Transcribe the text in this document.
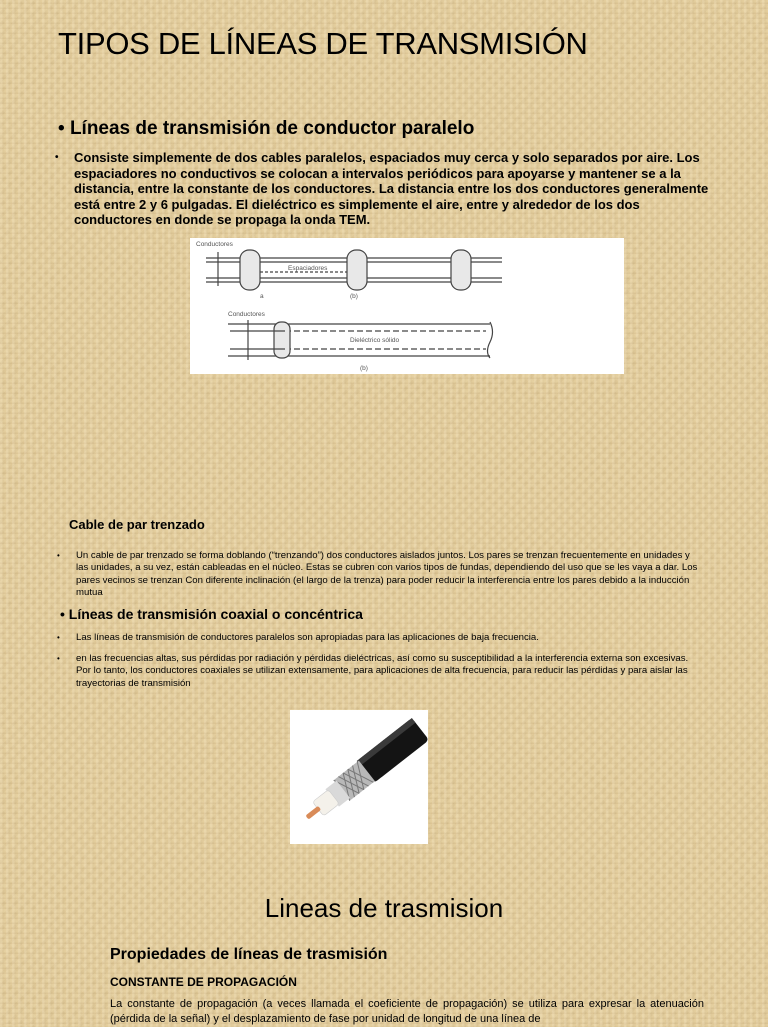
TIPOS DE LÍNEAS DE TRANSMISIÓN
• Líneas de transmisión de conductor paralelo
•	Consiste simplemente de dos cables paralelos, espaciados muy cerca y solo separados por aire. Los espaciadores no conductivos se colocan a intervalos periódicos para apoyarse y mantener se a la distancia, entre la constante de los conductores. La distancia entre los dos conductores generalmente está entre 2 y 6 pulgadas. El dieléctrico es simplemente el aire, entre y alrededor de los dos conductores en donde se propaga la onda TEM.
Conductores
Espaciadores
a	(b)
Conductores
Dieléctrico sólido
(b)
Cable de par trenzado
•	Un cable de par trenzado se forma doblando (“trenzando”) dos conductores aislados juntos. Los pares se trenzan frecuentemente en unidades y las unidades, a su vez, están cableadas en el núcleo. Estas se cubren con varios tipos de fundas, dependiendo del uso que se les vaya a dar. Los pares vecinos se trenzan Con diferente inclinación (el largo de la trenza) para poder reducir la interferencia entre los pares debido a la inducción mutua
• Líneas de transmisión coaxial o concéntrica
•	Las líneas de transmisión de conductores paralelos son apropiadas para las aplicaciones de baja frecuencia.
•	en las frecuencias altas, sus pérdidas por radiación y pérdidas dieléctricas, así como su susceptibilidad a la interferencia externa son excesivas. Por lo tanto, los conductores coaxiales se utilizan extensamente, para aplicaciones de alta frecuencia, para reducir las pérdidas y para aislar las trayectorias de transmisión
Lineas de trasmision
Propiedades de líneas de trasmisión
CONSTANTE DE PROPAGACIÓN
La constante de propagación (a veces llamada el coeficiente de propagación) se utiliza para expresar la atenuación (pérdida de la señal) y el desplazamiento de fase por unidad de longitud de una línea de
